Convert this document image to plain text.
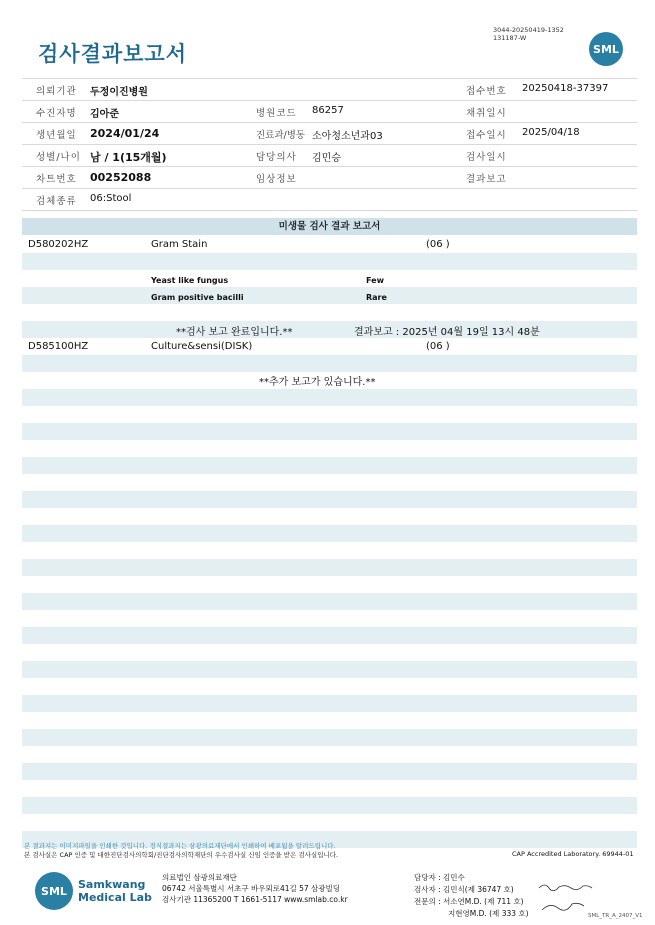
검사결과보고서
3044-20250419-1352
131187-W
SML
의뢰기관 두정이진병원	접수번호 20250418-37397
수진자명 김아준	병원코드 86257	채취일시
생년월일 2024/01/24	진료과/병동 소아청소년과03	접수일시 2025/04/18
성별/나이 남 / 1(15개월)	담당의사 김민승	검사일시
차트번호 00252088	임상정보	결과보고
검체종류 06:Stool
미생물 검사 결과 보고서
D580202HZ	Gram Stain	(06 )
Yeast like fungus	Few
Gram positive bacilli	Rare
**검사 보고 완료입니다.**	결과보고 : 2025년 04월 19일 13시 48분
D585100HZ	Culture&sensi(DISK)	(06 )
**추가 보고가 있습니다.**
본 결과지는 이미지파일을 인쇄한 것입니다. 정식결과지는 삼광의료재단에서 인쇄하여 배포됨을 알려드립니다.
본 검사실은 CAP 인증 및 대한진단검사의학회/진단검사의학재단의 우수검사실 신임 인증을 받은 검사실입니다.	CAP Accredited Laboratory. 69944-01
SML Samkwang
Medical Lab
의료법인 삼광의료재단
06742 서울특별시 서초구 바우뫼로41길 57 삼광빌딩
검사기관 11365200 T 1661-5117 www.smlab.co.kr
담당자 : 김민수
검사자 : 김민식(제 36747 호)
전문의 : 서소연M.D. (제 711 호)
지현영M.D. (제 333 호)	SML_TR_A_2407_V1
